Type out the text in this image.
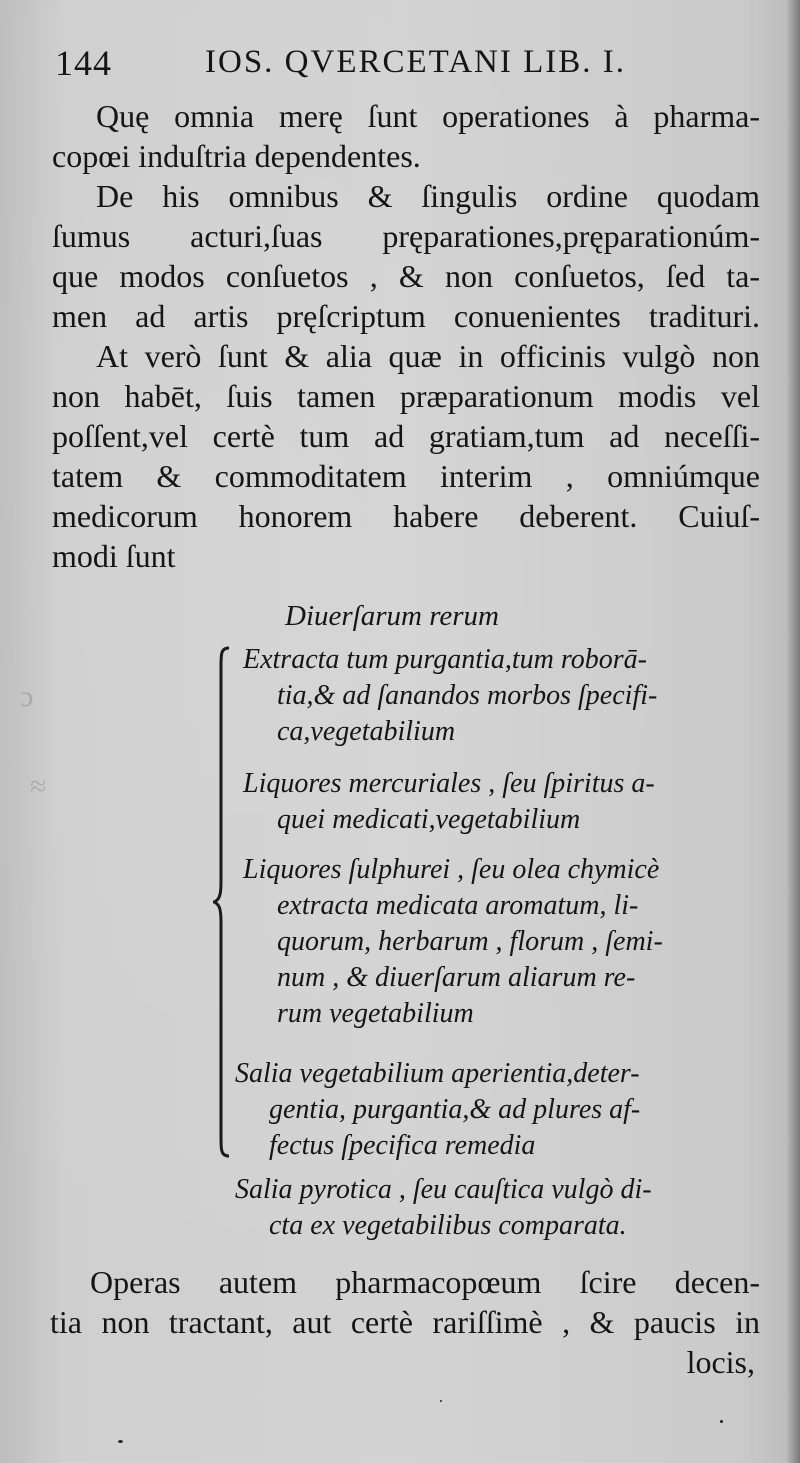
ɔ
≈
144	IOS. QVERCETANI LIB. I.
Quę omnia merę ſunt operationes à pharma-
copœi induſtria dependentes.
De his omnibus & ſingulis ordine quodam
ſumus acturi,ſuas pręparationes,pręparationúm-
que modos conſuetos , & non conſuetos, ſed ta-
men ad artis pręſcriptum conuenientes tradituri.
At verò ſunt & alia quæ in officinis vulgò non
non habēt, ſuis tamen præparationum modis vel
poſſent,vel certè tum ad gratiam,tum ad neceſſi-
tatem & commoditatem interim , omniúmque
medicorum honorem habere deberent. Cuiuſ-
modi ſunt
Diuerſarum rerum
Extracta tum purgantia,tum roborā-
tia,& ad ſanandos morbos ſpecifi-
ca,vegetabilium
Liquores mercuriales , ſeu ſpiritus a-
quei medicati,vegetabilium
Liquores ſulphurei , ſeu olea chymicè
extracta medicata aromatum, li-
quorum, herbarum , florum , ſemi-
num , & diuerſarum aliarum re-
rum vegetabilium
Salia vegetabilium aperientia,deter-
gentia, purgantia,& ad plures af-
fectus ſpecifica remedia
Salia pyrotica , ſeu cauſtica vulgò di-
cta ex vegetabilibus comparata.
Operas autem pharmacopœum ſcire decen-
tia non tractant, aut certè rariſſimè , & paucis in
locis,
